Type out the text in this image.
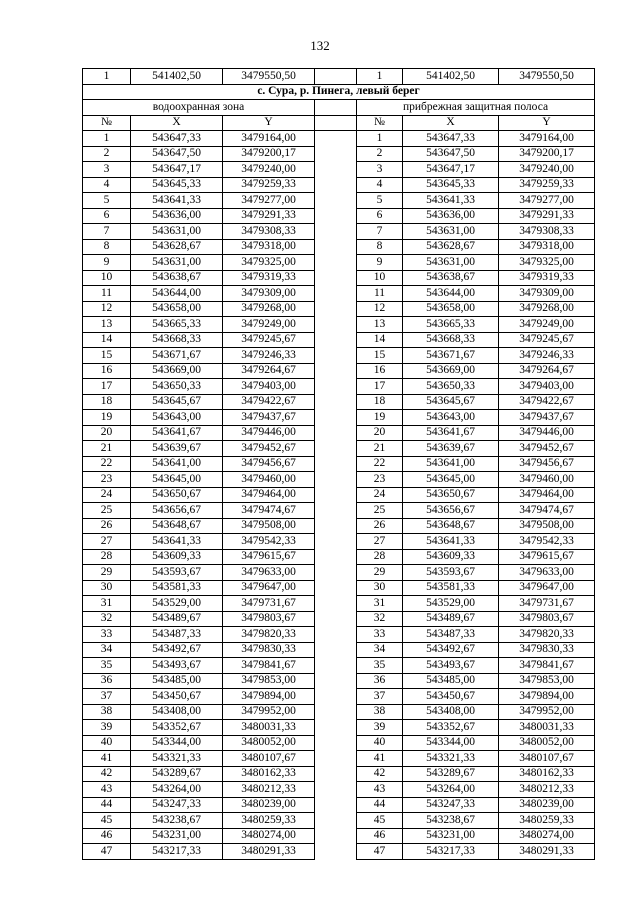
132
1	541402,50	3479550,50		1	541402,50	3479550,50
с. Сура, р. Пинега, левый берег						
водоохранная зона				прибрежная защитная полоса		
№	X	Y		№	X	Y
1	543647,33	3479164,00		1	543647,33	3479164,00
2	543647,50	3479200,17		2	543647,50	3479200,17
3	543647,17	3479240,00		3	543647,17	3479240,00
4	543645,33	3479259,33		4	543645,33	3479259,33
5	543641,33	3479277,00		5	543641,33	3479277,00
6	543636,00	3479291,33		6	543636,00	3479291,33
7	543631,00	3479308,33		7	543631,00	3479308,33
8	543628,67	3479318,00		8	543628,67	3479318,00
9	543631,00	3479325,00		9	543631,00	3479325,00
10	543638,67	3479319,33		10	543638,67	3479319,33
11	543644,00	3479309,00		11	543644,00	3479309,00
12	543658,00	3479268,00		12	543658,00	3479268,00
13	543665,33	3479249,00		13	543665,33	3479249,00
14	543668,33	3479245,67		14	543668,33	3479245,67
15	543671,67	3479246,33		15	543671,67	3479246,33
16	543669,00	3479264,67		16	543669,00	3479264,67
17	543650,33	3479403,00		17	543650,33	3479403,00
18	543645,67	3479422,67		18	543645,67	3479422,67
19	543643,00	3479437,67		19	543643,00	3479437,67
20	543641,67	3479446,00		20	543641,67	3479446,00
21	543639,67	3479452,67		21	543639,67	3479452,67
22	543641,00	3479456,67		22	543641,00	3479456,67
23	543645,00	3479460,00		23	543645,00	3479460,00
24	543650,67	3479464,00		24	543650,67	3479464,00
25	543656,67	3479474,67		25	543656,67	3479474,67
26	543648,67	3479508,00		26	543648,67	3479508,00
27	543641,33	3479542,33		27	543641,33	3479542,33
28	543609,33	3479615,67		28	543609,33	3479615,67
29	543593,67	3479633,00		29	543593,67	3479633,00
30	543581,33	3479647,00		30	543581,33	3479647,00
31	543529,00	3479731,67		31	543529,00	3479731,67
32	543489,67	3479803,67		32	543489,67	3479803,67
33	543487,33	3479820,33		33	543487,33	3479820,33
34	543492,67	3479830,33		34	543492,67	3479830,33
35	543493,67	3479841,67		35	543493,67	3479841,67
36	543485,00	3479853,00		36	543485,00	3479853,00
37	543450,67	3479894,00		37	543450,67	3479894,00
38	543408,00	3479952,00		38	543408,00	3479952,00
39	543352,67	3480031,33		39	543352,67	3480031,33
40	543344,00	3480052,00		40	543344,00	3480052,00
41	543321,33	3480107,67		41	543321,33	3480107,67
42	543289,67	3480162,33		42	543289,67	3480162,33
43	543264,00	3480212,33		43	543264,00	3480212,33
44	543247,33	3480239,00		44	543247,33	3480239,00
45	543238,67	3480259,33		45	543238,67	3480259,33
46	543231,00	3480274,00		46	543231,00	3480274,00
47	543217,33	3480291,33		47	543217,33	3480291,33
